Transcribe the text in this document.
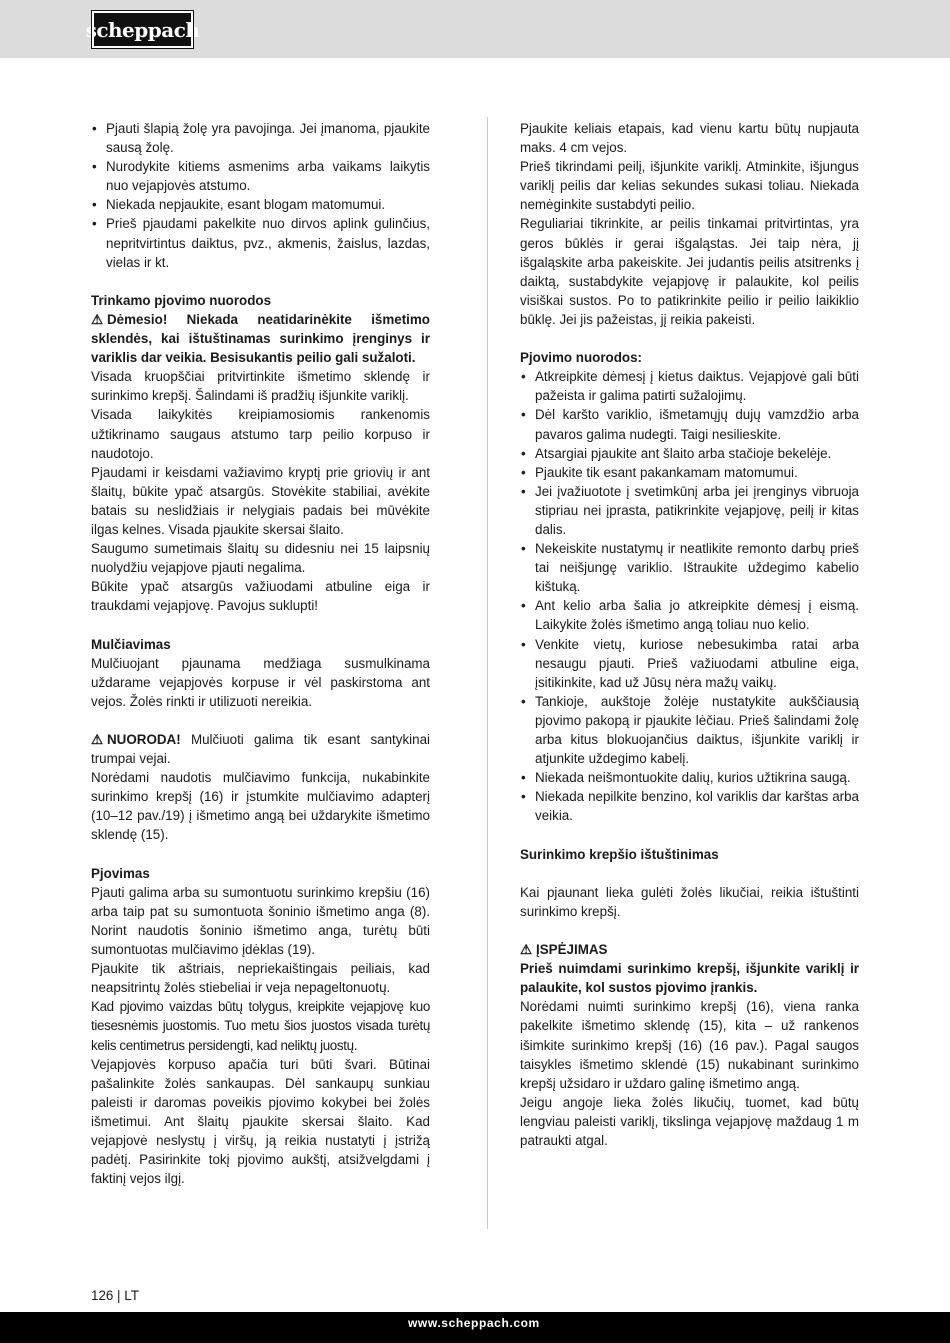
scheppach
• Pjauti šlapią žolę yra pavojinga. Jei įmanoma, pjaukite sausą žolę.
• Nurodykite kitiems asmenims arba vaikams laikytis nuo vejapjovės atstumo.
• Niekada nepjaukite, esant blogam matomumui.
• Prieš pjaudami pakelkite nuo dirvos aplink gulinčius, nepritvirtintus daiktus, pvz., akmenis, žaislus, lazdas, vielas ir kt.

Trinkamo pjovimo nuorodos

⚠ Dėmesio! Niekada neatidarinėkite išmetimo sklendės, kai ištuštinamas surinkimo įrenginys ir variklis dar veikia. Besisukantis peilio gali sužaloti.

Visada kruopščiai pritvirtinkite išmetimo sklendę ir surinkimo krepšį. Šalindami iš pradžių išjunkite variklį.

Visada laikykitės kreipiamosiomis rankenomis užtikrinamo saugaus atstumo tarp peilio korpuso ir naudotojo.

Pjaudami ir keisdami važiavimo kryptį prie griovių ir ant šlaitų, būkite ypač atsargūs. Stovėkite stabiliai, avėkite batais su neslidžiais ir nelygiais padais bei mūvėkite ilgas kelnes. Visada pjaukite skersai šlaito.

Saugumo sumetimais šlaitų su didesniu nei 15 laipsnių nuolydžiu vejapjove pjauti negalima.

Būkite ypač atsargūs važiuodami atbuline eiga ir traukdami vejapjovę. Pavojus suklupti!

Mulčiavimas

Mulčiuojant pjaunama medžiaga susmulkinama uždarame vejapjovės korpuse ir vėl paskirstoma ant vejos. Žolės rinkti ir utilizuoti nereikia.

⚠ NUORODA! Mulčiuoti galima tik esant santykinai trumpai vejai.

Norėdami naudotis mulčiavimo funkcija, nukabinkite surinkimo krepšį (16) ir įstumkite mulčiavimo adapterį (10–12 pav./19) į išmetimo angą bei uždarykite išmetimo sklendę (15).

Pjovimas

Pjauti galima arba su sumontuotu surinkimo krepšiu (16) arba taip pat su sumontuota šoninio išmetimo anga (8). Norint naudotis šoninio išmetimo anga, turėtų būti sumontuotas mulčiavimo įdėklas (19).

Pjaukite tik aštriais, nepriekaištingais peiliais, kad neapsitrintų žolės stiebeliai ir veja nepageltonuotų.

Kad pjovimo vaizdas būtų tolygus, kreipkite vejapjovę kuo tiesesnėmis juostomis. Tuo metu šios juostos visada turėtų kelis centimetrus persidengti, kad neliktų juostų.

Vejapjovės korpuso apačia turi būti švari. Būtinai pašalinkite žolės sankaupas. Dėl sankaupų sunkiau paleisti ir daromas poveikis pjovimo kokybei bei žolės išmetimui. Ant šlaitų pjaukite skersai šlaito. Kad vejapjovė neslystų į viršų, ją reikia nustatyti į įstrižą padėtį. Pasirinkite tokį pjovimo aukštį, atsižvelgdami į faktinį vejos ilgį.

Pjaukite keliais etapais, kad vienu kartu būtų nupjauta maks. 4 cm vejos.

Prieš tikrindami peilį, išjunkite variklį. Atminkite, išjungus variklį peilis dar kelias sekundes sukasi toliau. Niekada nemėginkite sustabdyti peilio.

Reguliariai tikrinkite, ar peilis tinkamai pritvirtintas, yra geros būklės ir gerai išgaląstas. Jei taip nėra, jį išgaląskite arba pakeiskite. Jei judantis peilis atsitrenks į daiktą, sustabdykite vejapjovę ir palaukite, kol peilis visiškai sustos. Po to patikrinkite peilio ir peilio laikiklio būklę. Jei jis pažeistas, jį reikia pakeisti.

Pjovimo nuorodos:

• Atkreipkite dėmesį į kietus daiktus. Vejapjovė gali būti pažeista ir galima patirti sužalojimų.
• Dėl karšto variklio, išmetamųjų dujų vamzdžio arba pavaros galima nudegti. Taigi nesilieskite.
• Atsargiai pjaukite ant šlaito arba stačioje bekelėje.
• Pjaukite tik esant pakankamam matomumui.
• Jei įvažiuotote į svetimkūnį arba jei įrenginys vibruoja stipriau nei įprasta, patikrinkite vejapjovę, peilį ir kitas dalis.
• Nekeiskite nustatymų ir neatlikite remonto darbų prieš tai neišjungę variklio. Ištraukite uždegimo kabelio kištuką.
• Ant kelio arba šalia jo atkreipkite dėmesį į eismą. Laikykite žolės išmetimo angą toliau nuo kelio.
• Venkite vietų, kuriose nebesukimba ratai arba nesaugu pjauti. Prieš važiuodami atbuline eiga, įsitikinkite, kad už Jūsų nėra mažų vaikų.
• Tankioje, aukštoje žolėje nustatykite aukščiausią pjovimo pakopą ir pjaukite lėčiau. Prieš šalindami žolę arba kitus blokuojančius daiktus, išjunkite variklį ir atjunkite uždegimo kabelį.
• Niekada neišmontuokite dalių, kurios užtikrina saugą.
• Niekada nepilkite benzino, kol variklis dar karštas arba veikia.

Surinkimo krepšio ištuštinimas

Kai pjaunant lieka gulėti žolės likučiai, reikia ištuštinti surinkimo krepšį.

⚠ ĮSPĖJIMAS

Prieš nuimdami surinkimo krepšį, išjunkite variklį ir palaukite, kol sustos pjovimo įrankis.

Norėdami nuimti surinkimo krepšį (16), viena ranka pakelkite išmetimo sklendę (15), kita – už rankenos išimkite surinkimo krepšį (16) (16 pav.). Pagal saugos taisykles išmetimo sklendė (15) nukabinant surinkimo krepšį užsidaro ir uždaro galinę išmetimo angą.

Jeigu angoje lieka žolės likučių, tuomet, kad būtų lengviau paleisti variklį, tikslinga vejapjovę maždaug 1 m patraukti atgal.

126 | LT
www.scheppach.com
